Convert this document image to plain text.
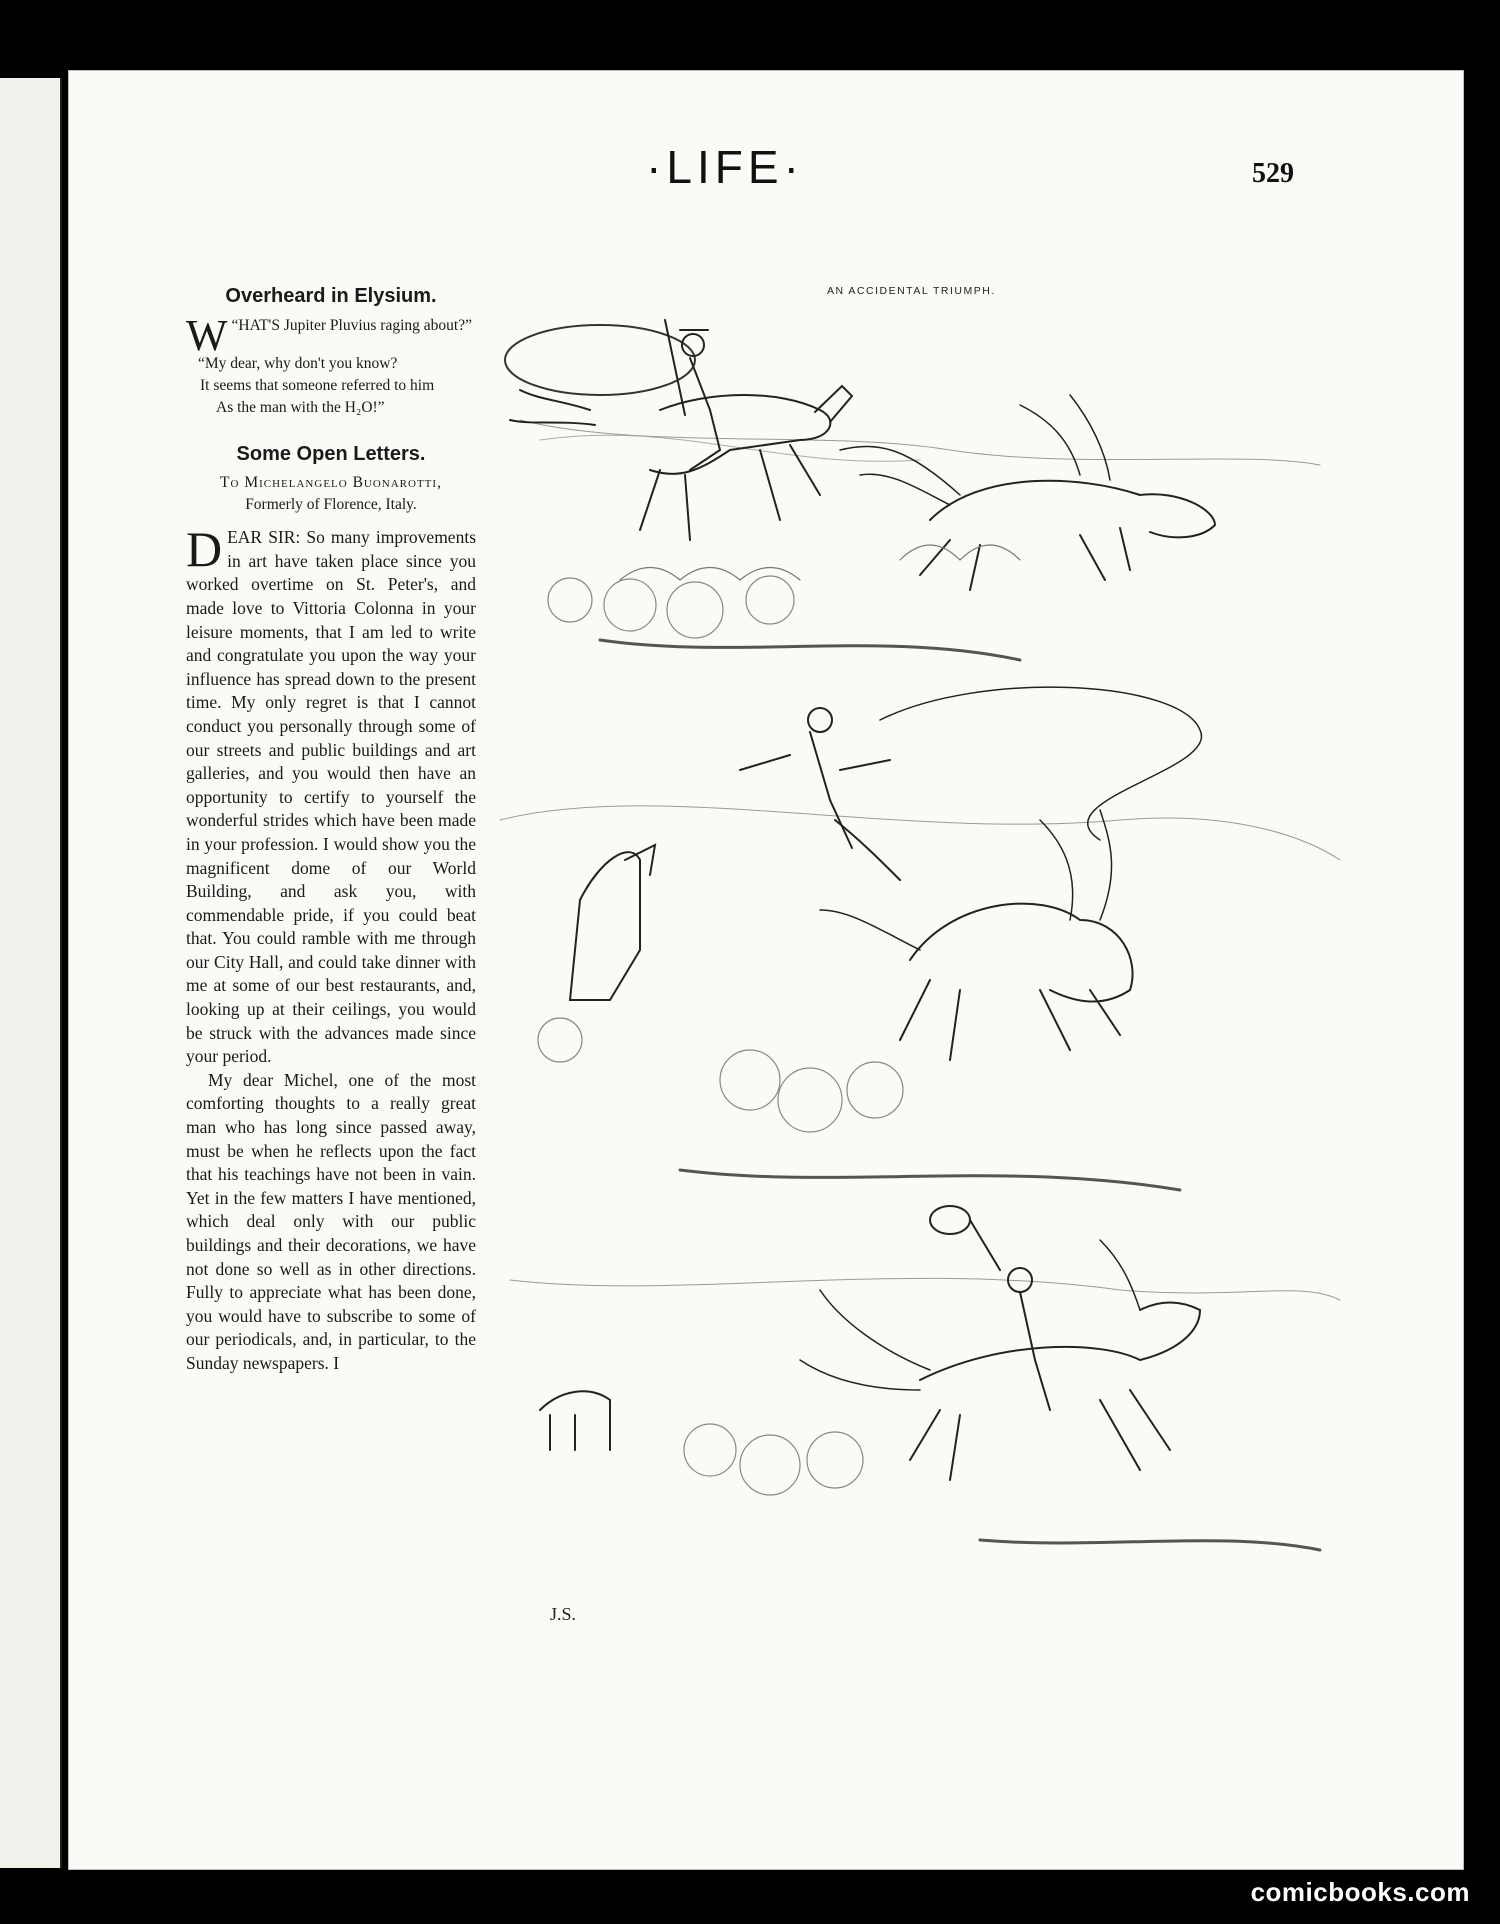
·LIFE·	529
Overheard in Elysium.

“
W HAT'S Jupiter Pluvius raging about?”

“My dear, why don't you know?

It seems that someone referred to him

As the man with the H₂O!”

Some Open Letters.
To Michelangelo Buonarotti,
Formerly of Florence, Italy.

DEAR SIR: So many improvements in art have taken place since you worked overtime on St. Peter's, and made love to Vittoria Colonna in your leisure moments, that I am led to write and congratulate you upon the way your influence has spread down to the present time. My only regret is that I cannot conduct you personally through some of our streets and public buildings and art galleries, and you would then have an opportunity to certify to yourself the wonderful strides which have been made in your profession. I would show you the magnificent dome of our World Building, and ask you, with commendable pride, if you could beat that. You could ramble with me through our City Hall, and could take dinner with me at some of our best restaurants, and, looking up at their ceilings, you would be struck with the advances made since your period.

My dear Michel, one of the most comforting thoughts to a really great man who has long since passed away, must be when he reflects upon the fact that his teachings have not been in vain. Yet in the few matters I have mentioned, which deal only with our public buildings and their decorations, we have not done so well as in other directions. Fully to appreciate what has been done, you would have to subscribe to some of our periodicals, and, in particular, to the Sunday newspapers. I

AN ACCIDENTAL TRIUMPH.
J.S.
comicbooks.com
